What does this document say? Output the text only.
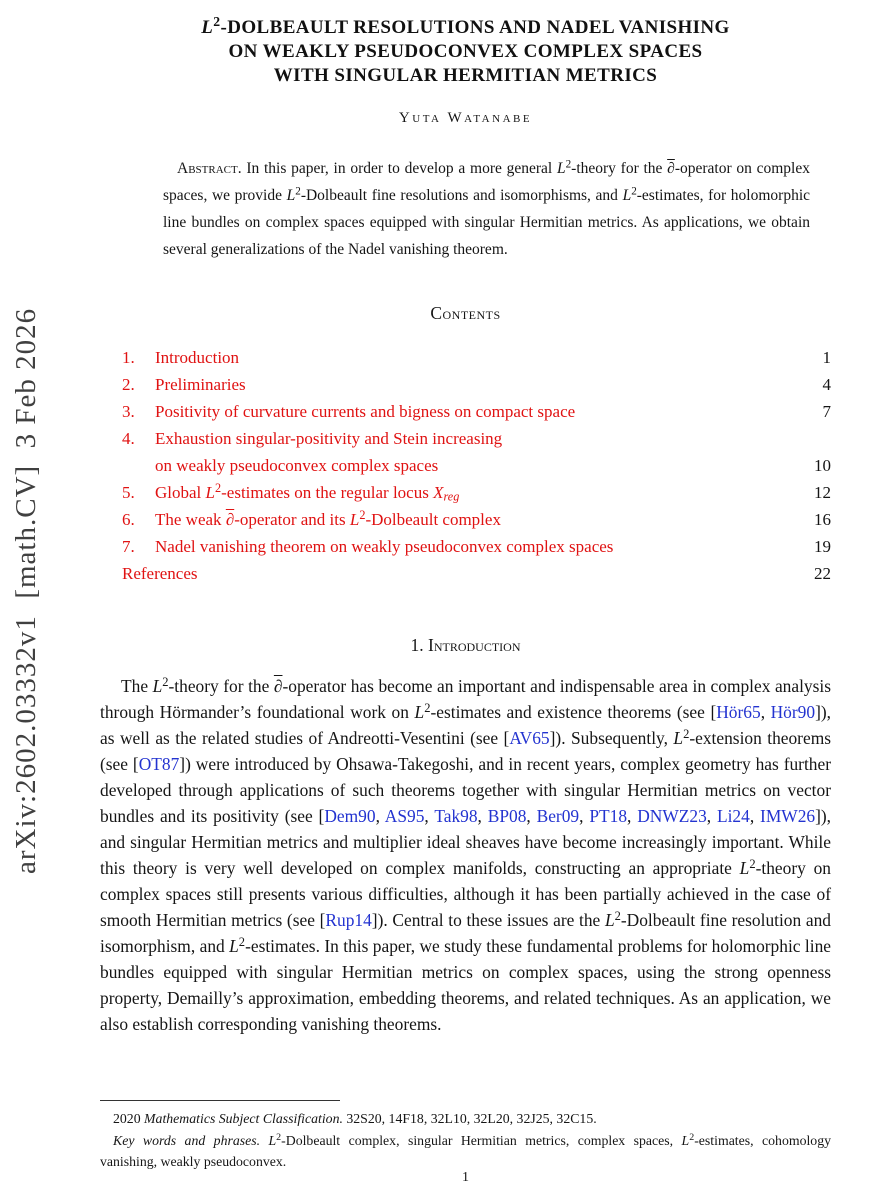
arXiv:2602.03332v1  [math.CV]  3 Feb 2026
$L^2$-DOLBEAULT RESOLUTIONS AND NADEL VANISHING
ON WEAKLY PSEUDOCONVEX COMPLEX SPACES
WITH SINGULAR HERMITIAN METRICS
Yuta Watanabe
Abstract. In this paper, in order to develop a more general $L^2$-theory for the ∂-operator on complex spaces, we provide $L^2$-Dolbeault fine resolutions and isomorphisms, and $L^2$-estimates, for holomorphic line bundles on complex spaces equipped with singular Hermitian metrics. As applications, we obtain several generalizations of the Nadel vanishing theorem.
Contents
1.	Introduction	1
2.	Preliminaries	4
3.	Positivity of curvature currents and bigness on compact space	7
4.	Exhaustion singular-positivity and Stein increasing
on weakly pseudoconvex complex spaces	10
5.	Global $L^2$-estimates on the regular locus Xreg	12
6.	The weak ∂-operator and its $L^2$-Dolbeault complex	16
7.	Nadel vanishing theorem on weakly pseudoconvex complex spaces	19
References	22
1. Introduction
The $L^2$-theory for the ∂-operator has become an important and indispensable area in complex analysis through Hörmander’s foundational work on $L^2$-estimates and existence theorems (see [Hör65, Hör90]), as well as the related studies of Andreotti-Vesentini (see [AV65]). Subsequently, $L^2$-extension theorems (see [OT87]) were introduced by Ohsawa-Takegoshi, and in recent years, complex geometry has further developed through applications of such theorems together with singular Hermitian metrics on vector bundles and its positivity (see [Dem90, AS95, Tak98, BP08, Ber09, PT18, DNWZ23, Li24, IMW26]), and singular Hermitian metrics and multiplier ideal sheaves have become increasingly important. While this theory is very well developed on complex manifolds, constructing an appropriate $L^2$-theory on complex spaces still presents various difficulties, although it has been partially achieved in the case of smooth Hermitian metrics (see [Rup14]). Central to these issues are the $L^2$-Dolbeault fine resolution and isomorphism, and $L^2$-estimates. In this paper, we study these fundamental problems for holomorphic line bundles equipped with singular Hermitian metrics on complex spaces, using the strong openness property, Demailly’s approximation, embedding theorems, and related techniques. As an application, we also establish corresponding vanishing theorems.
2020 Mathematics Subject Classification. 32S20, 14F18, 32L10, 32L20, 32J25, 32C15.
Key words and phrases. $L^2$-Dolbeault complex, singular Hermitian metrics, complex spaces, $L^2$-estimates, cohomology vanishing, weakly pseudoconvex.
1
